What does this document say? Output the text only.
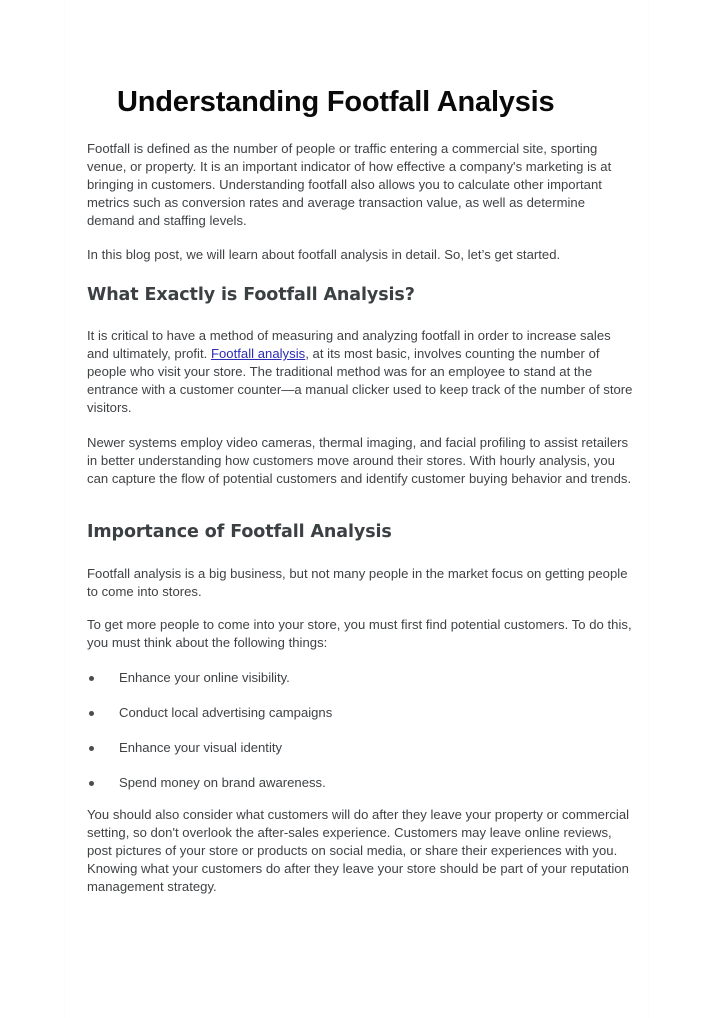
Understanding Footfall Analysis

Footfall is defined as the number of people or traffic entering a commercial site, sporting venue, or property. It is an important indicator of how effective a company's marketing is at bringing in customers. Understanding footfall also allows you to calculate other important metrics such as conversion rates and average transaction value, as well as determine demand and staffing levels.

In this blog post, we will learn about footfall analysis in detail. So, let’s get started.

What Exactly is Footfall Analysis?

It is critical to have a method of measuring and analyzing footfall in order to increase sales and ultimately, profit. Footfall analysis, at its most basic, involves counting the number of people who visit your store. The traditional method was for an employee to stand at the entrance with a customer counter—a manual clicker used to keep track of the number of store visitors.

Newer systems employ video cameras, thermal imaging, and facial profiling to assist retailers in better understanding how customers move around their stores. With hourly analysis, you can capture the flow of potential customers and identify customer buying behavior and trends.

Importance of Footfall Analysis

Footfall analysis is a big business, but not many people in the market focus on getting people to come into stores.

To get more people to come into your store, you must first find potential customers. To do this, you must think about the following things:

Enhance your online visibility.
Conduct local advertising campaigns
Enhance your visual identity
Spend money on brand awareness.

You should also consider what customers will do after they leave your property or commercial setting, so don't overlook the after-sales experience. Customers may leave online reviews, post pictures of your store or products on social media, or share their experiences with you. Knowing what your customers do after they leave your store should be part of your reputation management strategy.
